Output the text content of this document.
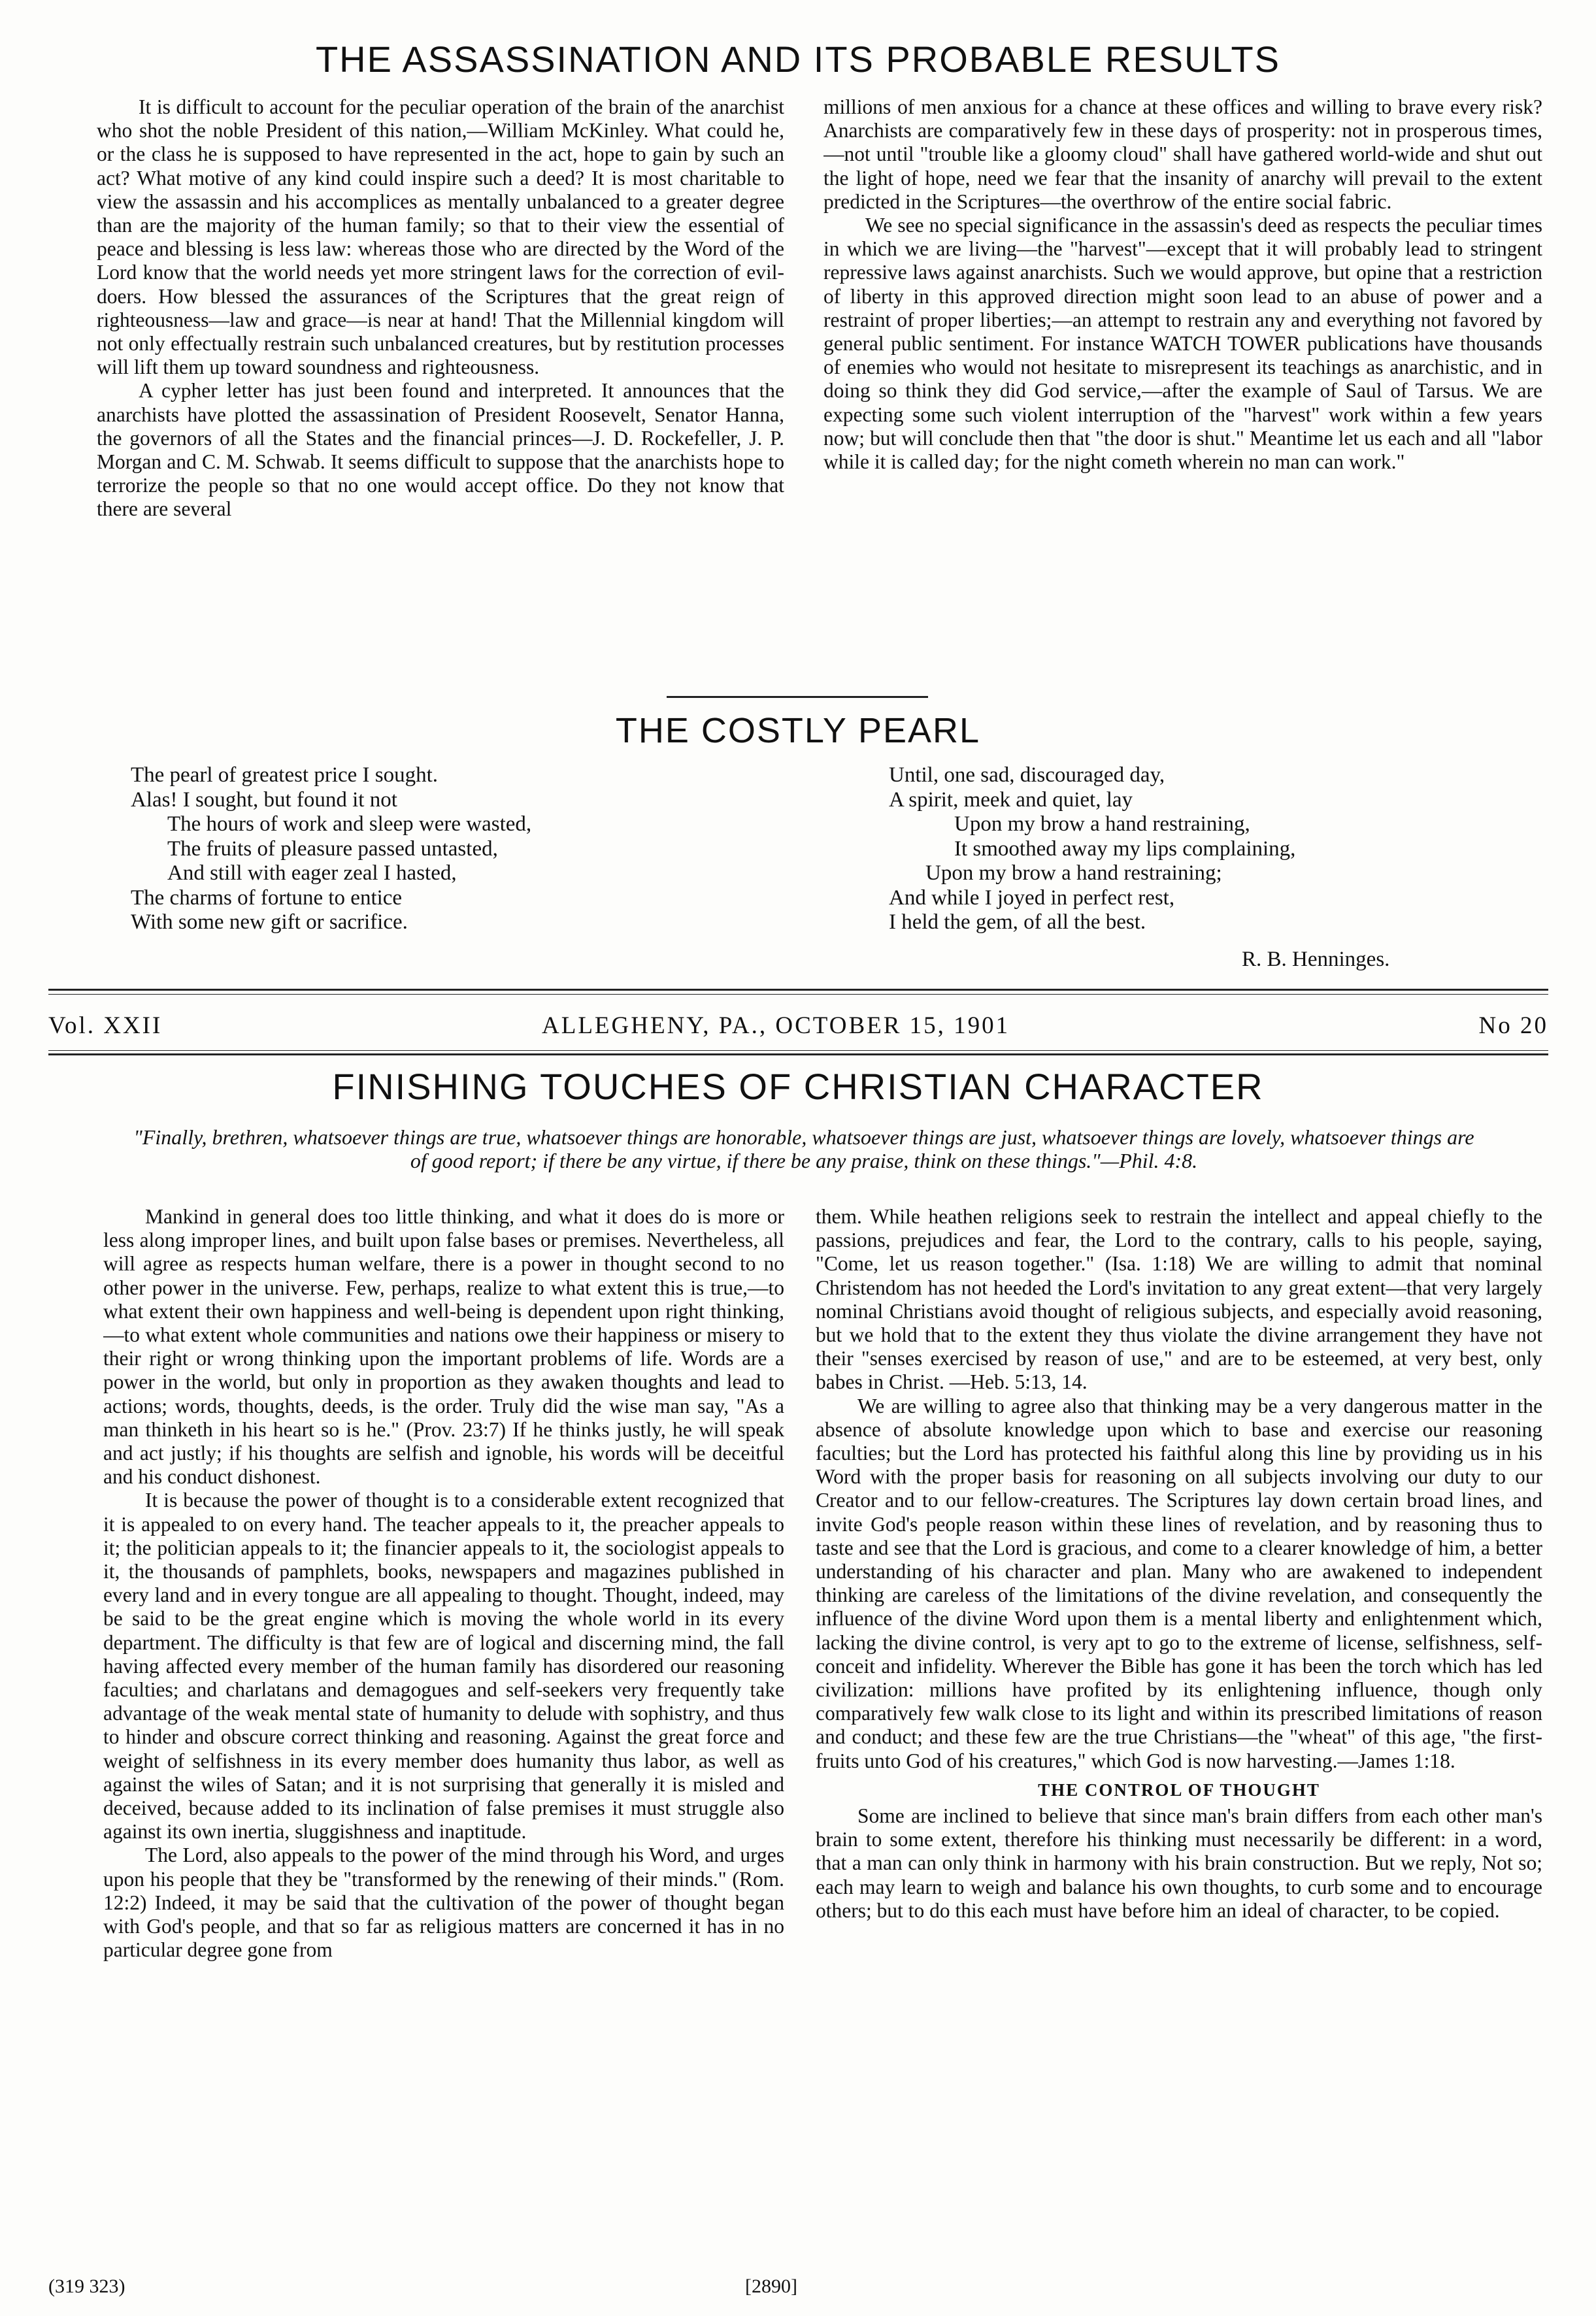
THE ASSASSINATION AND ITS PROBABLE RESULTS

It is difficult to account for the peculiar operation of the brain of the anarchist who shot the noble President of this nation,—William McKinley. What could he, or the class he is supposed to have represented in the act, hope to gain by such an act? What motive of any kind could inspire such a deed? It is most charitable to view the assassin and his accomplices as mentally unbalanced to a greater degree than are the majority of the human family; so that to their view the essential of peace and blessing is less law: whereas those who are directed by the Word of the Lord know that the world needs yet more stringent laws for the correction of evil-doers. How blessed the assurances of the Scriptures that the great reign of righteousness—law and grace—is near at hand! That the Millennial kingdom will not only effectually restrain such unbalanced creatures, but by restitution processes will lift them up toward soundness and righteousness.

A cypher letter has just been found and interpreted. It announces that the anarchists have plotted the assassination of President Roosevelt, Senator Hanna, the governors of all the States and the financial princes—J. D. Rockefeller, J. P. Morgan and C. M. Schwab. It seems difficult to suppose that the anarchists hope to terrorize the people so that no one would accept office. Do they not know that there are several

millions of men anxious for a chance at these offices and willing to brave every risk? Anarchists are comparatively few in these days of prosperity: not in prosperous times,—not until "trouble like a gloomy cloud" shall have gathered world-wide and shut out the light of hope, need we fear that the insanity of anarchy will prevail to the extent predicted in the Scriptures—the overthrow of the entire social fabric.

We see no special significance in the assassin's deed as respects the peculiar times in which we are living—the "harvest"—except that it will probably lead to stringent repressive laws against anarchists. Such we would approve, but opine that a restriction of liberty in this approved direction might soon lead to an abuse of power and a restraint of proper liberties;—an attempt to restrain any and everything not favored by general public sentiment. For instance WATCH TOWER publications have thousands of enemies who would not hesitate to misrepresent its teachings as anarchistic, and in doing so think they did God service,—after the example of Saul of Tarsus. We are expecting some such violent interruption of the "harvest" work within a few years now; but will conclude then that "the door is shut." Meantime let us each and all "labor while it is called day; for the night cometh wherein no man can work."

THE COSTLY PEARL
The pearl of greatest price I sought.
Alas! I sought, but found it not
The hours of work and sleep were wasted,
The fruits of pleasure passed untasted,
And still with eager zeal I hasted,
The charms of fortune to entice
With some new gift or sacrifice.
Until, one sad, discouraged day,
A spirit, meek and quiet, lay
Upon my brow a hand restraining,
It smoothed away my lips complaining,
Upon my brow a hand restraining;
And while I joyed in perfect rest,
I held the gem, of all the best.
R. B. Henninges.
Vol. XXII	ALLEGHENY, PA., OCTOBER 15, 1901	No 20
FINISHING TOUCHES OF CHRISTIAN CHARACTER
"Finally, brethren, whatsoever things are true, whatsoever things are honorable, whatsoever things are just, whatsoever things are lovely, whatsoever things are of good report; if there be any virtue, if there be any praise, think on these things."—Phil. 4:8.

Mankind in general does too little thinking, and what it does do is more or less along improper lines, and built upon false bases or premises. Nevertheless, all will agree as respects human welfare, there is a power in thought second to no other power in the universe. Few, perhaps, realize to what extent this is true,—to what extent their own happiness and well-being is dependent upon right thinking,—to what extent whole communities and nations owe their happiness or misery to their right or wrong thinking upon the important problems of life. Words are a power in the world, but only in proportion as they awaken thoughts and lead to actions; words, thoughts, deeds, is the order. Truly did the wise man say, "As a man thinketh in his heart so is he." (Prov. 23:7) If he thinks justly, he will speak and act justly; if his thoughts are selfish and ignoble, his words will be deceitful and his conduct dishonest.

It is because the power of thought is to a considerable extent recognized that it is appealed to on every hand. The teacher appeals to it, the preacher appeals to it; the politician appeals to it; the financier appeals to it, the sociologist appeals to it, the thousands of pamphlets, books, newspapers and magazines published in every land and in every tongue are all appealing to thought. Thought, indeed, may be said to be the great engine which is moving the whole world in its every department. The difficulty is that few are of logical and discerning mind, the fall having affected every member of the human family has disordered our reasoning faculties; and charlatans and demagogues and self-seekers very frequently take advantage of the weak mental state of humanity to delude with sophistry, and thus to hinder and obscure correct thinking and reasoning. Against the great force and weight of selfishness in its every member does humanity thus labor, as well as against the wiles of Satan; and it is not surprising that generally it is misled and deceived, because added to its inclination of false premises it must struggle also against its own inertia, sluggishness and inaptitude.

The Lord, also appeals to the power of the mind through his Word, and urges upon his people that they be "transformed by the renewing of their minds." (Rom. 12:2) Indeed, it may be said that the cultivation of the power of thought began with God's people, and that so far as religious matters are concerned it has in no particular degree gone from

them. While heathen religions seek to restrain the intellect and appeal chiefly to the passions, prejudices and fear, the Lord to the contrary, calls to his people, saying, "Come, let us reason together." (Isa. 1:18) We are willing to admit that nominal Christendom has not heeded the Lord's invitation to any great extent—that very largely nominal Christians avoid thought of religious subjects, and especially avoid reasoning, but we hold that to the extent they thus violate the divine arrangement they have not their "senses exercised by reason of use," and are to be esteemed, at very best, only babes in Christ. —Heb. 5:13, 14.

We are willing to agree also that thinking may be a very dangerous matter in the absence of absolute knowledge upon which to base and exercise our reasoning faculties; but the Lord has protected his faithful along this line by providing us in his Word with the proper basis for reasoning on all subjects involving our duty to our Creator and to our fellow-creatures. The Scriptures lay down certain broad lines, and invite God's people reason within these lines of revelation, and by reasoning thus to taste and see that the Lord is gracious, and come to a clearer knowledge of him, a better understanding of his character and plan. Many who are awakened to independent thinking are careless of the limitations of the divine revelation, and consequently the influence of the divine Word upon them is a mental liberty and enlightenment which, lacking the divine control, is very apt to go to the extreme of license, selfishness, self-conceit and infidelity. Wherever the Bible has gone it has been the torch which has led civilization: millions have profited by its enlightening influence, though only comparatively few walk close to its light and within its prescribed limitations of reason and conduct; and these few are the true Christians—the "wheat" of this age, "the first-fruits unto God of his creatures," which God is now harvesting.—James 1:18.

THE CONTROL OF THOUGHT

Some are inclined to believe that since man's brain differs from each other man's brain to some extent, therefore his thinking must necessarily be different: in a word, that a man can only think in harmony with his brain construction. But we reply, Not so; each may learn to weigh and balance his own thoughts, to curb some and to encourage others; but to do this each must have before him an ideal of character, to be copied.

(319 323)	[2890]
